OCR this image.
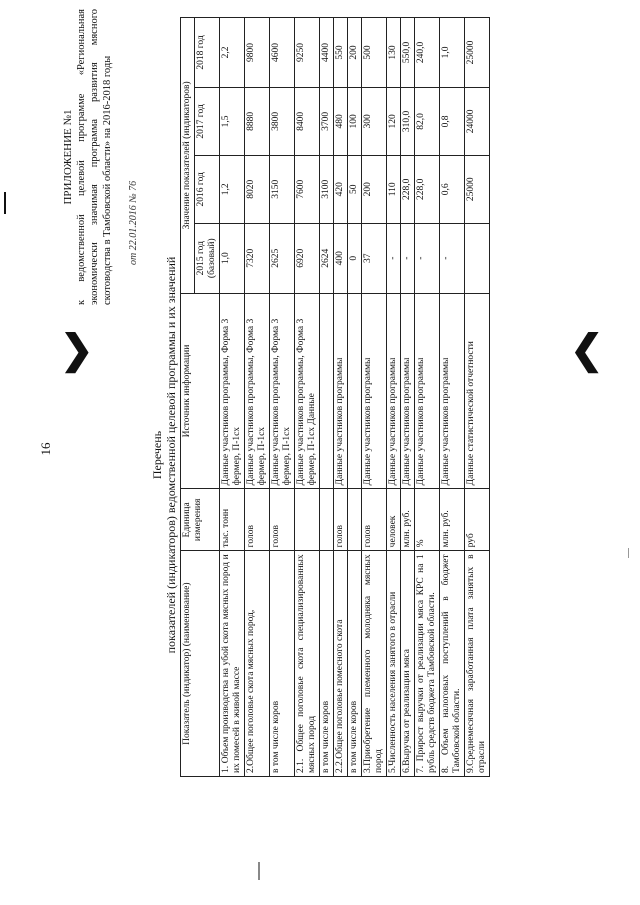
❯	❮
16
ПРИЛОЖЕНИЕ №1 к ведомственной целевой программе «Региональная экономически значимая программа развития мясного скотоводства в Тамбовской области» на 2016-2018 годы от 22.01.2016 № 76
Перечень показателей (индикаторов) ведомственной целевой программы и их значений
Показатель (индикатор) (наименование)	Единица измерения	Источник информации	Значение показателей (индикаторов)			
			2015 год (базовый)	2016 год	2017 год	2018 год
1. Объем производства на убой скота мясных пород и их помесей в живой массе	тыс. тонн	Данные участников программы, Форма 3 фермер, П-1сх	1,0	1,2	1,5	2,2
2.Общее поголовье скота мясных пород,	голов	Данные участников программы, Форма 3 фермер, П-1сх	7320	8020	8880	9800
в том числе коров	голов	Данные участников программы, Форма 3 фермер, П-1сх	2625	3150	3800	4600
2.1. Общее поголовье скота специализированных мясных пород		Данные участников программы, Форма 3 фермер, П-1сх Данные	6920	7600	8400	9250
в том числе коров			2624	3100	3700	4400
2.2.Общее поголовье помесного скота	голов	Данные участников программы	400	420	480	550
в том числе коров			0	50	100	200
3.Приобретение племенного молодняка мясных пород	голов	Данные участников программы	37	200	300	500
5.Численность населения занятого в отрасли	человек	Данные участников программы	-	110	120	130
6.Выручка от реализации мяса	млн. руб.	Данные участников программы	-	228,0	310,0	550,0
7. Прирост выручки от реализации мяса КРС на 1 рубль средств бюджета Тамбовской области.	%	Данные участников программы	-	228,0	82,0	240,0
8. Объем налоговых поступлений в бюджет Тамбовской области.	млн. руб.	Данные участников программы	-	0,6	0,8	1,0
9.Среднемесячная заработанная плата занятых в отрасли	руб	Данные статистической отчетности		25000	24000	25000
